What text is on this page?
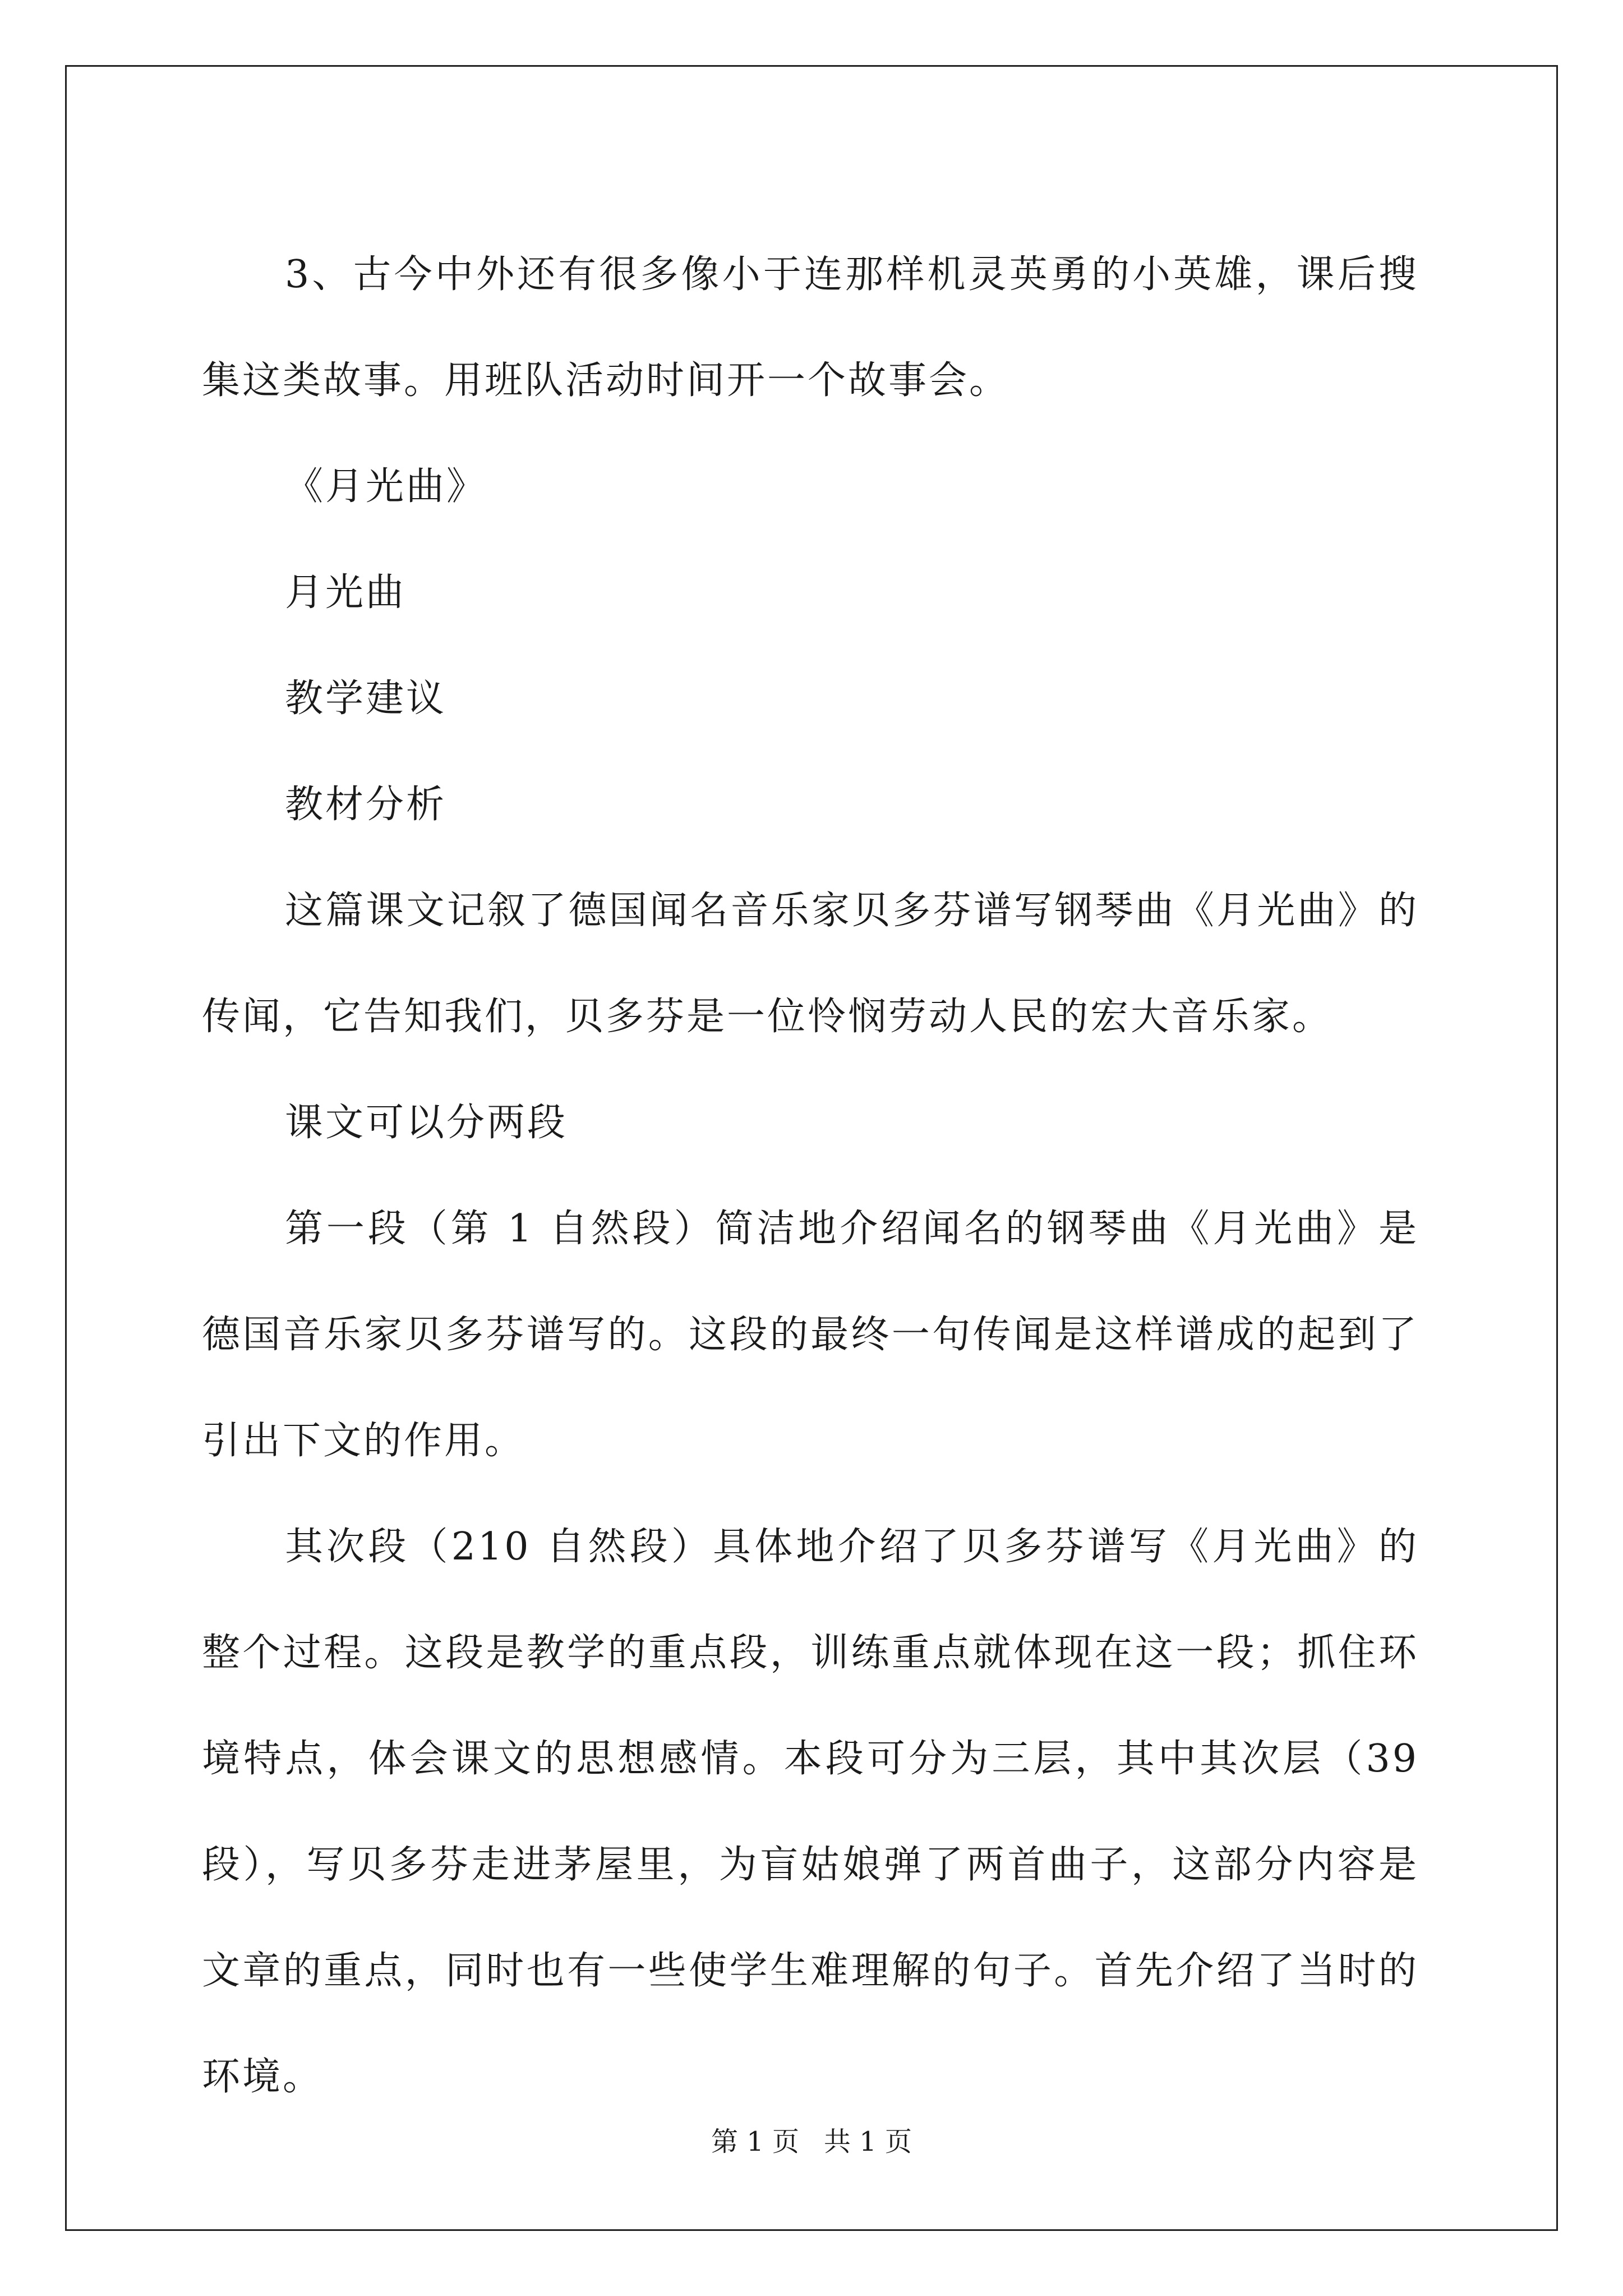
3、古今中外还有很多像小于连那样机灵英勇的小英雄，课后搜集这类故事。用班队活动时间开一个故事会。

《月光曲》

月光曲

教学建议

教材分析

这篇课文记叙了德国闻名音乐家贝多芬谱写钢琴曲《月光曲》的传闻，它告知我们，贝多芬是一位怜悯劳动人民的宏大音乐家。

课文可以分两段

第一段（第 1 自然段）简洁地介绍闻名的钢琴曲《月光曲》是德国音乐家贝多芬谱写的。这段的最终一句传闻是这样谱成的起到了引出下文的作用。

其次段（210 自然段）具体地介绍了贝多芬谱写《月光曲》的整个过程。这段是教学的重点段，训练重点就体现在这一段；抓住环境特点，体会课文的思想感情。本段可分为三层，其中其次层（39 段），写贝多芬走进茅屋里，为盲姑娘弹了两首曲子，这部分内容是文章的重点，同时也有一些使学生难理解的句子。首先介绍了当时的环境。

第 1 页 共 1 页
